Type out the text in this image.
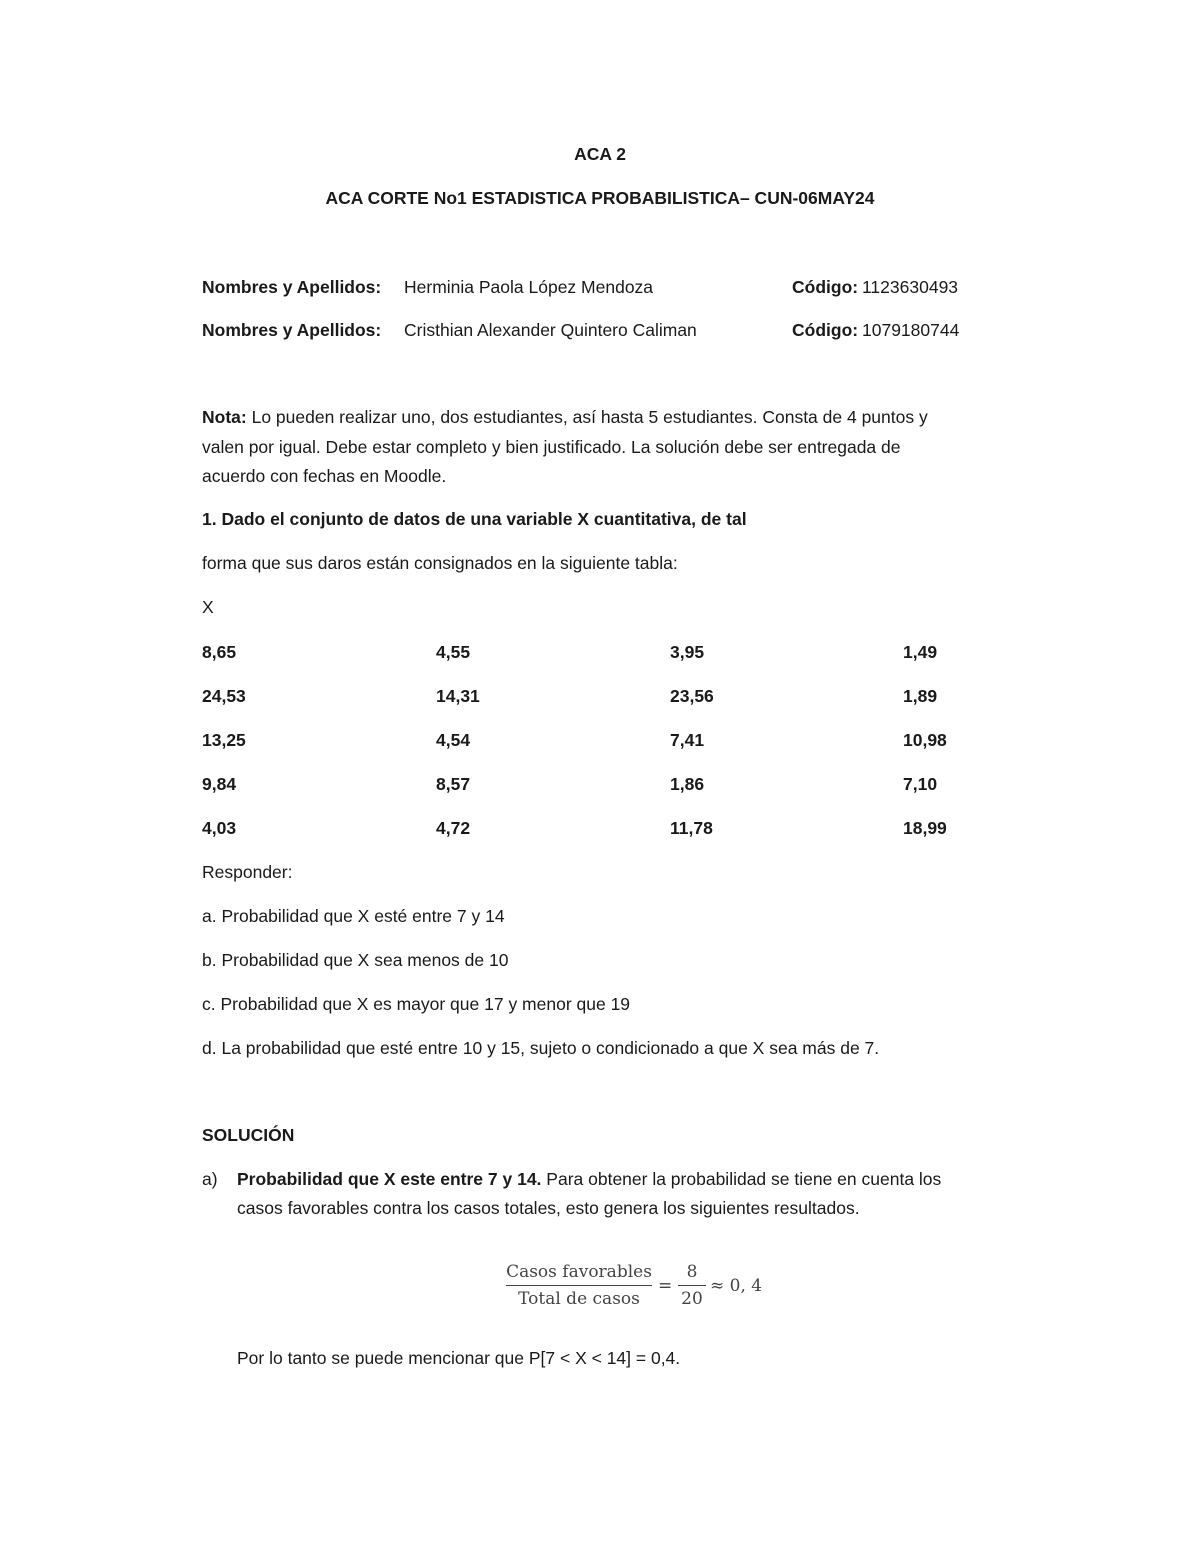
ACA 2
ACA CORTE No1 ESTADISTICA PROBABILISTICA– CUN-06MAY24
Nombres y Apellidos: Herminia Paola López Mendoza	Código: 1123630493
Nombres y Apellidos: Cristhian Alexander Quintero Caliman	Código: 1079180744
Nota: Lo pueden realizar uno, dos estudiantes, así hasta 5 estudiantes. Consta de 4 puntos y
valen por igual. Debe estar completo y bien justificado. La solución debe ser entregada de
acuerdo con fechas en Moodle.
1. Dado el conjunto de datos de una variable X cuantitativa, de tal
forma que sus daros están consignados en la siguiente tabla:
X
8,65	4,55	3,95	1,49
24,53	14,31	23,56	1,89
13,25	4,54	7,41	10,98
9,84	8,57	1,86	7,10
4,03	4,72	11,78	18,99
Responder:
a. Probabilidad que X esté entre 7 y 14
b. Probabilidad que X sea menos de 10
c. Probabilidad que X es mayor que 17 y menor que 19
d. La probabilidad que esté entre 10 y 15, sujeto o condicionado a que X sea más de 7.
SOLUCIÓN
a) Probabilidad que X este entre 7 y 14. Para obtener la probabilidad se tiene en cuenta los
casos favorables contra los casos totales, esto genera los siguientes resultados.
Casos favorables
Total de casos
=
8
20
≈ 0, 4
Por lo tanto se puede mencionar que P[7 < X < 14] = 0,4.
